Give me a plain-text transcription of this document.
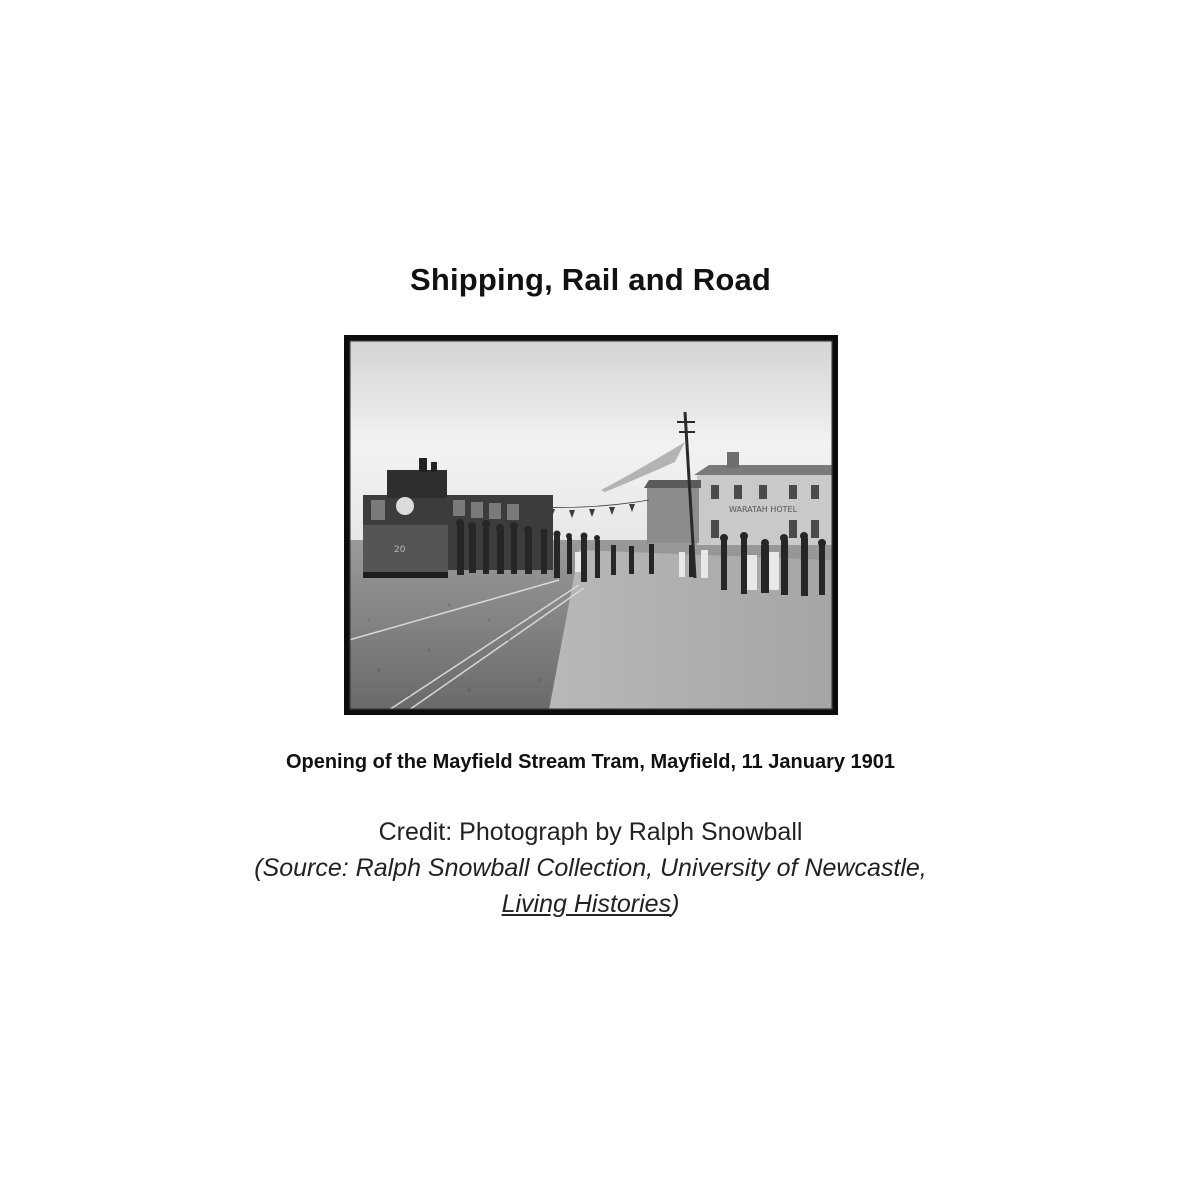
Shipping, Rail and Road
WARATAH HOTEL
20
Opening of the Mayfield Stream Tram, Mayfield, 11 January 1901
Credit: Photograph by Ralph Snowball
(Source: Ralph Snowball Collection, University of Newcastle,
Living Histories)
